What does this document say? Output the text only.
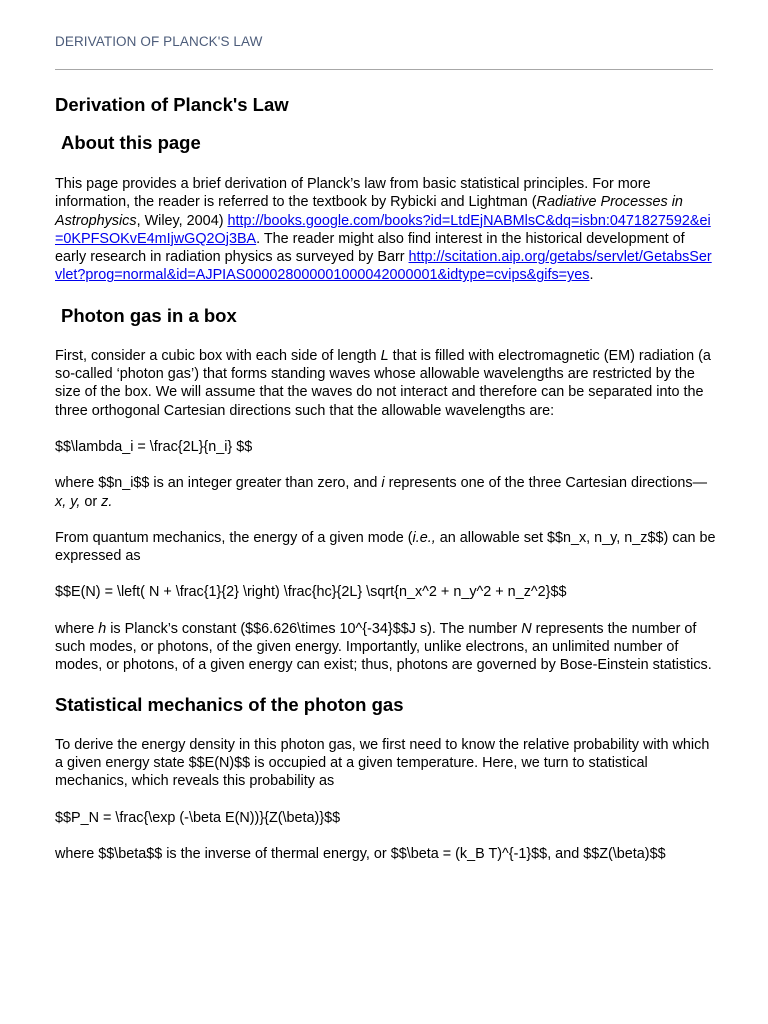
DERIVATION OF PLANCK'S LAW
Derivation of Planck's Law
About this page

This page provides a brief derivation of Planck’s law from basic statistical principles. For more information, the reader is referred to the textbook by Rybicki and Lightman (Radiative Processes in Astrophysics, Wiley, 2004) http://books.google.com/books?id=LtdEjNABMlsC&dq=isbn:0471827592&ei=0KPFSOKvE4mIjwGQ2Oj3BA. The reader might also find interest in the historical development of early research in radiation physics as surveyed by Barr http://scitation.aip.org/getabs/servlet/GetabsServlet?prog=normal&id=AJPIAS000028000001000042000001&idtype=cvips&gifs=yes.

Photon gas in a box

First, consider a cubic box with each side of length L that is filled with electromagnetic (EM) radiation (a so-called ‘photon gas’) that forms standing waves whose allowable wavelengths are restricted by the size of the box. We will assume that the waves do not interact and therefore can be separated into the three orthogonal Cartesian directions such that the allowable wavelengths are:

$$\lambda_i = \frac{2L}{n_i} $$

where $$n_i$$ is an integer greater than zero, and i represents one of the three Cartesian directions—x, y, or z.

From quantum mechanics, the energy of a given mode (i.e., an allowable set $$n_x, n_y, n_z$$) can be expressed as

$$E(N) = \left( N + \frac{1}{2} \right) \frac{hc}{2L} \sqrt{n_x^2 + n_y^2 + n_z^2}$$

where h is Planck’s constant ($$6.626\times 10^{-34}$$J s). The number N represents the number of such modes, or photons, of the given energy. Importantly, unlike electrons, an unlimited number of modes, or photons, of a given energy can exist; thus, photons are governed by Bose-Einstein statistics.

Statistical mechanics of the photon gas

To derive the energy density in this photon gas, we first need to know the relative probability with which a given energy state $$E(N)$$ is occupied at a given temperature. Here, we turn to statistical mechanics, which reveals this probability as

$$P_N = \frac{\exp (-\beta E(N))}{Z(\beta)}$$

where $$\beta$$ is the inverse of thermal energy, or $$\beta = (k_B T)^{-1}$$, and $$Z(\beta)$$
